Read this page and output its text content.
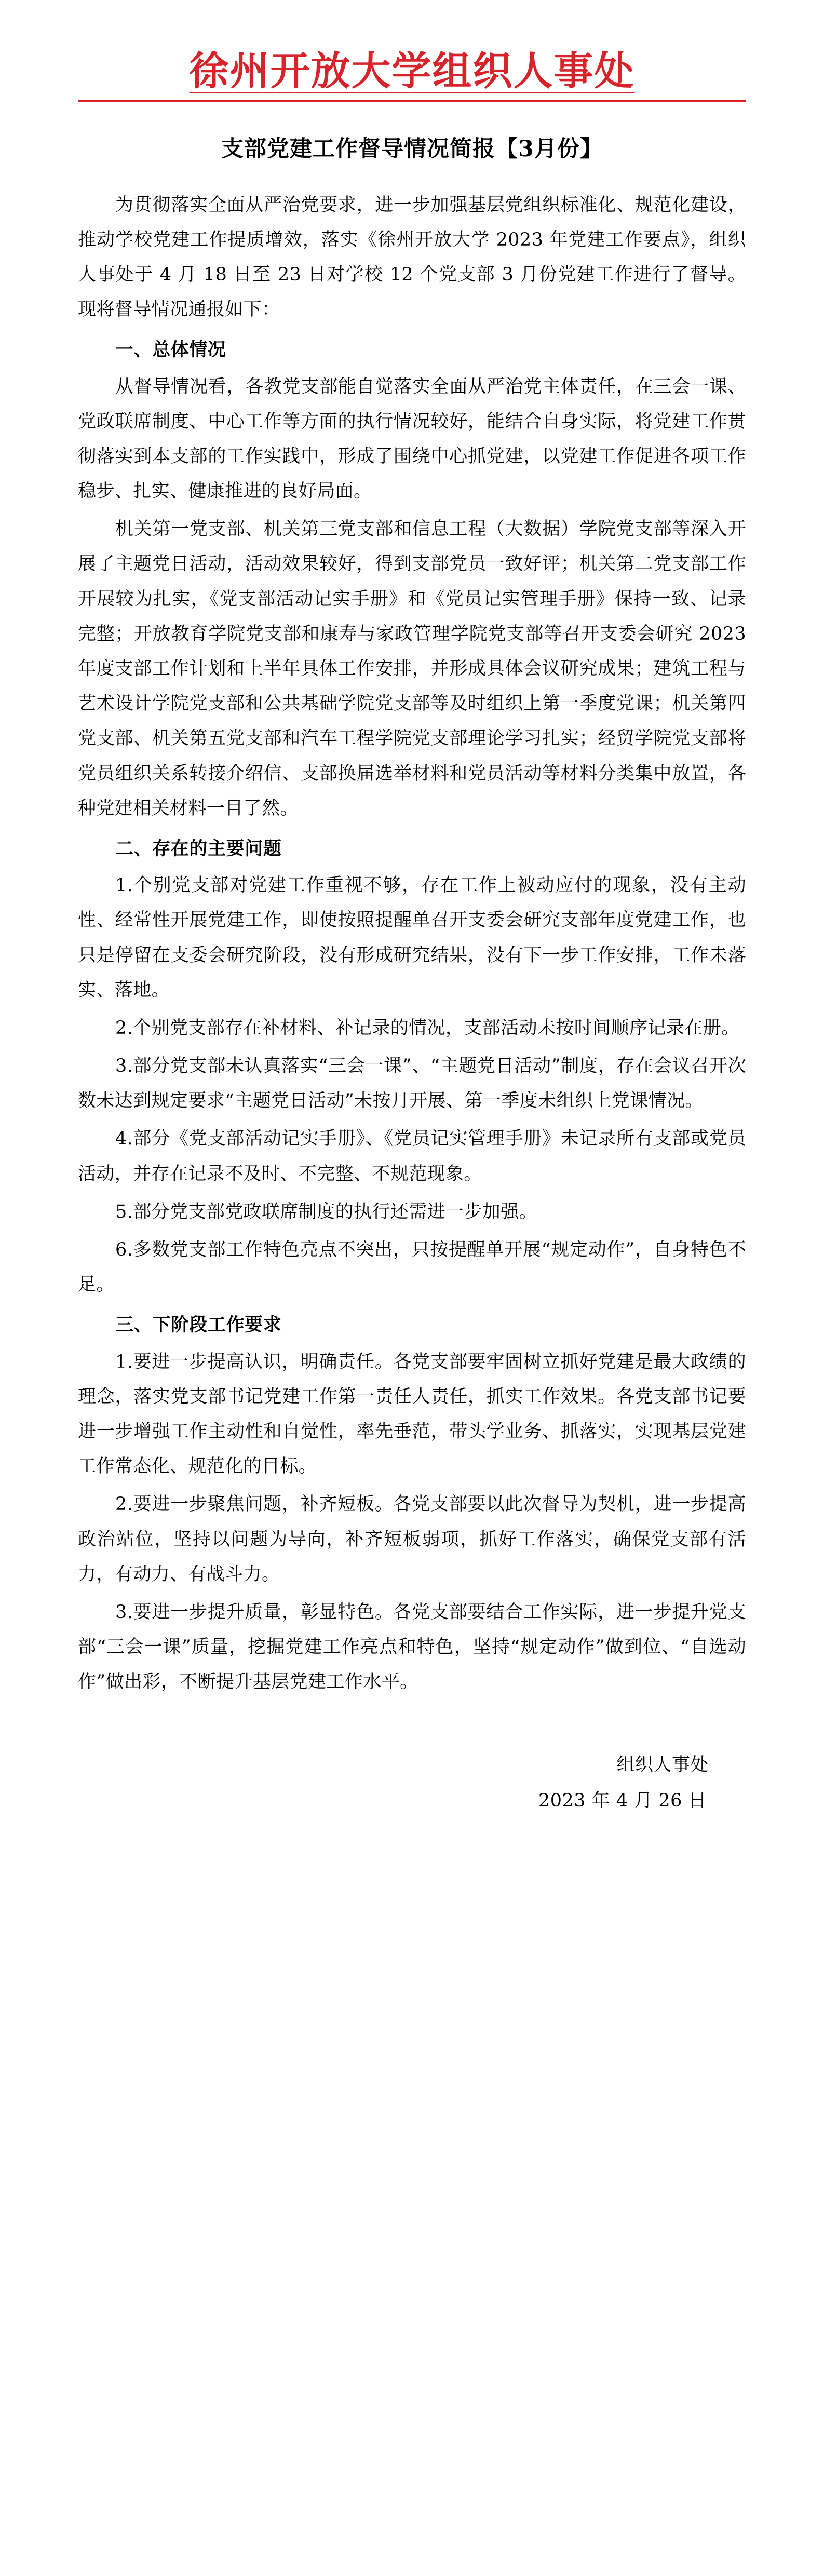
徐州开放大学组织人事处
支部党建工作督导情况简报【3月份】

为贯彻落实全面从严治党要求，进一步加强基层党组织标准化、规范化建设，推动学校党建工作提质增效，落实《徐州开放大学 2023 年党建工作要点》，组织人事处于 4 月 18 日至 23 日对学校 12 个党支部 3 月份党建工作进行了督导。现将督导情况通报如下：

一、总体情况

从督导情况看，各教党支部能自觉落实全面从严治党主体责任，在三会一课、党政联席制度、中心工作等方面的执行情况较好，能结合自身实际，将党建工作贯彻落实到本支部的工作实践中，形成了围绕中心抓党建，以党建工作促进各项工作稳步、扎实、健康推进的良好局面。

机关第一党支部、机关第三党支部和信息工程（大数据）学院党支部等深入开展了主题党日活动，活动效果较好，得到支部党员一致好评；机关第二党支部工作开展较为扎实，《党支部活动记实手册》和《党员记实管理手册》保持一致、记录完整；开放教育学院党支部和康寿与家政管理学院党支部等召开支委会研究 2023 年度支部工作计划和上半年具体工作安排，并形成具体会议研究成果；建筑工程与艺术设计学院党支部和公共基础学院党支部等及时组织上第一季度党课；机关第四党支部、机关第五党支部和汽车工程学院党支部理论学习扎实；经贸学院党支部将党员组织关系转接介绍信、支部换届选举材料和党员活动等材料分类集中放置，各种党建相关材料一目了然。

二、存在的主要问题

1.个别党支部对党建工作重视不够，存在工作上被动应付的现象，没有主动性、经常性开展党建工作，即使按照提醒单召开支委会研究支部年度党建工作，也只是停留在支委会研究阶段，没有形成研究结果，没有下一步工作安排，工作未落实、落地。

2.个别党支部存在补材料、补记录的情况，支部活动未按时间顺序记录在册。

3.部分党支部未认真落实“三会一课”、“主题党日活动”制度，存在会议召开次数未达到规定要求“主题党日活动”未按月开展、第一季度未组织上党课情况。

4.部分《党支部活动记实手册》、《党员记实管理手册》未记录所有支部或党员活动，并存在记录不及时、不完整、不规范现象。

5.部分党支部党政联席制度的执行还需进一步加强。

6.多数党支部工作特色亮点不突出，只按提醒单开展“规定动作”，自身特色不足。

三、下阶段工作要求

1.要进一步提高认识，明确责任。各党支部要牢固树立抓好党建是最大政绩的理念，落实党支部书记党建工作第一责任人责任，抓实工作效果。各党支部书记要进一步增强工作主动性和自觉性，率先垂范，带头学业务、抓落实，实现基层党建工作常态化、规范化的目标。

2.要进一步聚焦问题，补齐短板。各党支部要以此次督导为契机，进一步提高政治站位，坚持以问题为导向，补齐短板弱项，抓好工作落实，确保党支部有活力，有动力、有战斗力。

3.要进一步提升质量，彰显特色。各党支部要结合工作实际，进一步提升党支部“三会一课”质量，挖掘党建工作亮点和特色，坚持“规定动作”做到位、“自选动作”做出彩，不断提升基层党建工作水平。

组织人事处
2023 年 4 月 26 日
